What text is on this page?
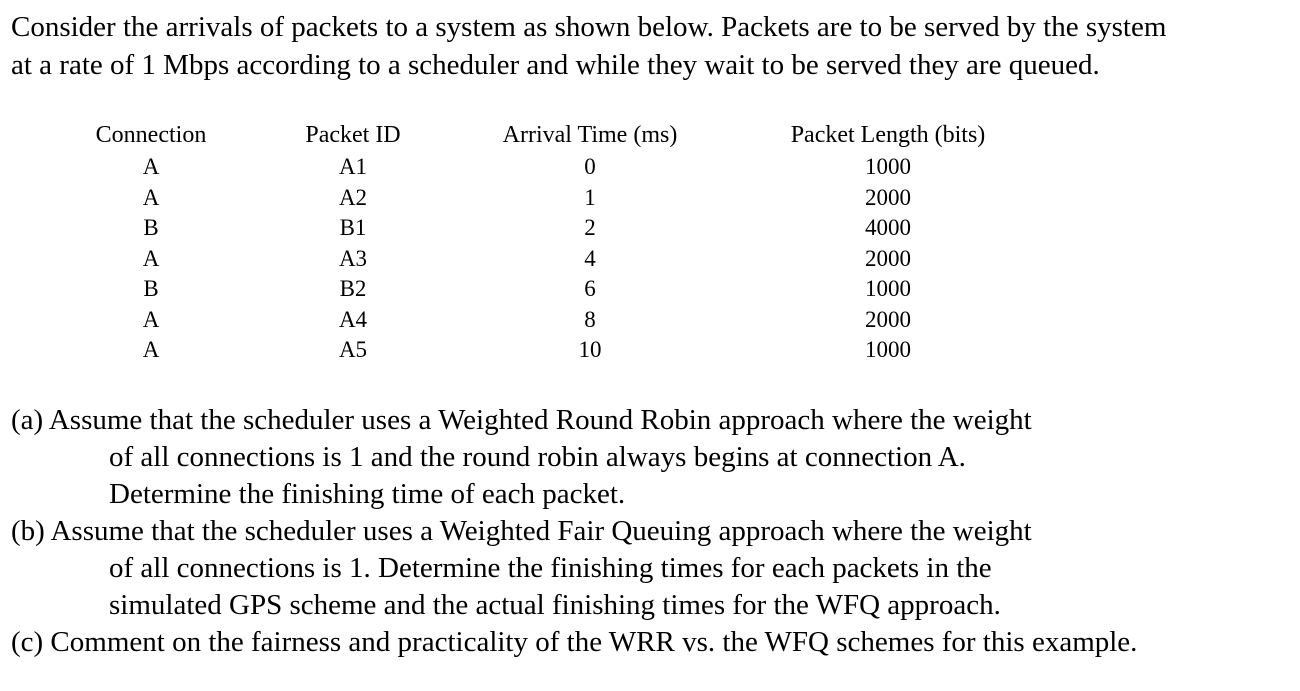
Consider the arrivals of packets to a system as shown below. Packets are to be served by the system
at a rate of 1 Mbps according to a scheduler and while they wait to be served they are queued.

Connection
A
A
B
A
B
A
A
Packet ID
A1
A2
B1
A3
B2
A4
A5
Arrival Time (ms)
0
1
2
4
6
8
10
Packet Length (bits)
1000
2000
4000
2000
1000
2000
1000

(a) Assume that the scheduler uses a Weighted Round Robin approach where the weight
of all connections is 1 and the round robin always begins at connection A.
Determine the finishing time of each packet.

(b) Assume that the scheduler uses a Weighted Fair Queuing approach where the weight
of all connections is 1. Determine the finishing times for each packets in the
simulated GPS scheme and the actual finishing times for the WFQ approach.

(c) Comment on the fairness and practicality of the WRR vs. the WFQ schemes for this example.
